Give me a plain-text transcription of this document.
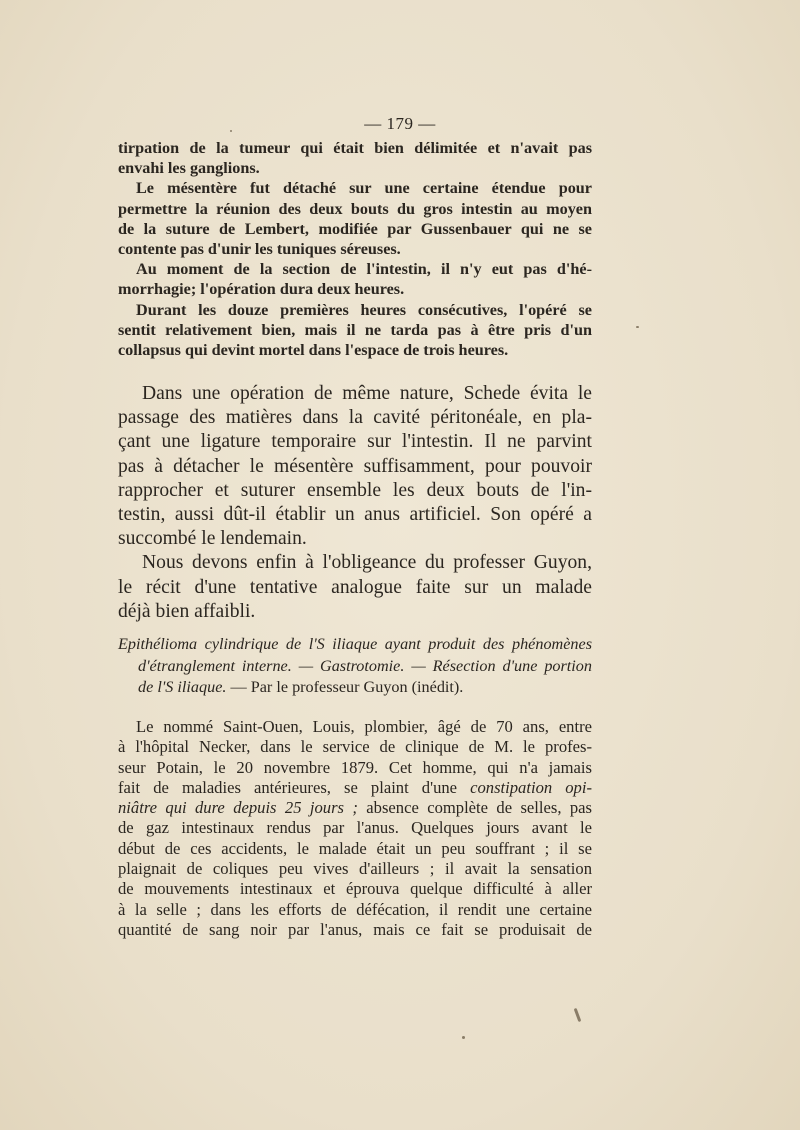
— 179 —
tirpation de la tumeur qui était bien délimitée et n'avait pas
envahi les ganglions.
Le mésentère fut détaché sur une certaine étendue pour
permettre la réunion des deux bouts du gros intestin au moyen
de la suture de Lembert, modifiée par Gussenbauer qui ne se
contente pas d'unir les tuniques séreuses.
Au moment de la section de l'intestin, il n'y eut pas d'hé-
morrhagie; l'opération dura deux heures.
Durant les douze premières heures consécutives, l'opéré se
sentit relativement bien, mais il ne tarda pas à être pris d'un
collapsus qui devint mortel dans l'espace de trois heures.
Dans une opération de même nature, Schede évita le
passage des matières dans la cavité péritonéale, en pla-
çant une ligature temporaire sur l'intestin. Il ne parvint
pas à détacher le mésentère suffisamment, pour pouvoir
rapprocher et suturer ensemble les deux bouts de l'in-
testin, aussi dût-il établir un anus artificiel. Son opéré a
succombé le lendemain.
Nous devons enfin à l'obligeance du professer Guyon,
le récit d'une tentative analogue faite sur un malade
déjà bien affaibli.
Epithélioma cylindrique de l'S iliaque ayant produit des phénomènes
d'étranglement interne. — Gastrotomie. — Résection d'une portion
de l'S iliaque. — Par le professeur Guyon (inédit).
Le nommé Saint-Ouen, Louis, plombier, âgé de 70 ans, entre
à l'hôpital Necker, dans le service de clinique de M. le profes-
seur Potain, le 20 novembre 1879. Cet homme, qui n'a jamais
fait de maladies antérieures, se plaint d'une constipation opi-
niâtre qui dure depuis 25 jours ; absence complète de selles, pas
de gaz intestinaux rendus par l'anus. Quelques jours avant le
début de ces accidents, le malade était un peu souffrant ; il se
plaignait de coliques peu vives d'ailleurs ; il avait la sensation
de mouvements intestinaux et éprouva quelque difficulté à aller
à la selle ; dans les efforts de défécation, il rendit une certaine
quantité de sang noir par l'anus, mais ce fait se produisait de
